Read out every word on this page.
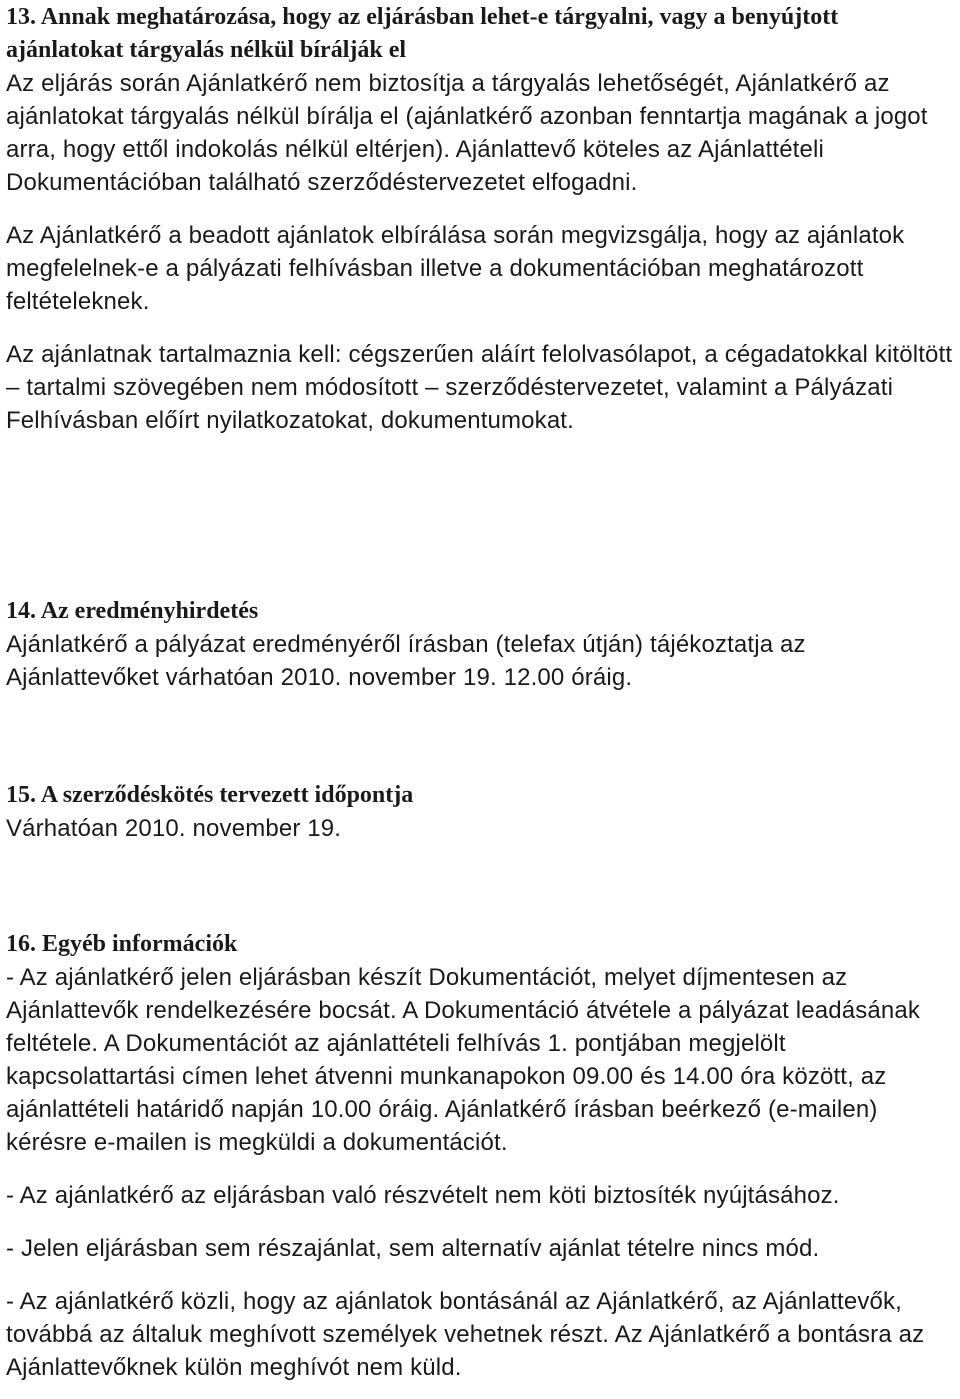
13. Annak meghatározása, hogy az eljárásban lehet-e tárgyalni, vagy a benyújtott ajánlatokat tárgyalás nélkül bírálják el

Az eljárás során Ajánlatkérő nem biztosítja a tárgyalás lehetőségét, Ajánlatkérő az ajánlatokat tárgyalás nélkül bírálja el (ajánlatkérő azonban fenntartja magának a jogot arra, hogy ettől indokolás nélkül eltérjen). Ajánlattevő köteles az Ajánlattételi Dokumentációban található szerződéstervezetet elfogadni.

Az Ajánlatkérő a beadott ajánlatok elbírálása során megvizsgálja, hogy az ajánlatok megfelelnek-e a pályázati felhívásban illetve a dokumentációban meghatározott feltételeknek.

Az ajánlatnak tartalmaznia kell: cégszerűen aláírt felolvasólapot, a cégadatokkal kitöltött – tartalmi szövegében nem módosított – szerződéstervezetet, valamint a Pályázati Felhívásban előírt nyilatkozatokat, dokumentumokat.

14. Az eredményhirdetés

Ajánlatkérő a pályázat eredményéről írásban (telefax útján) tájékoztatja az Ajánlattevőket várhatóan 2010. november 19. 12.00 óráig.

15. A szerződéskötés tervezett időpontja

Várhatóan 2010. november 19.

16. Egyéb információk

- Az ajánlatkérő jelen eljárásban készít Dokumentációt, melyet díjmentesen az Ajánlattevők rendelkezésére bocsát. A Dokumentáció átvétele a pályázat leadásának feltétele. A Dokumentációt az ajánlattételi felhívás 1. pontjában megjelölt kapcsolattartási címen lehet átvenni munkanapokon 09.00 és 14.00 óra között, az ajánlattételi határidő napján 10.00 óráig. Ajánlatkérő írásban beérkező (e-mailen) kérésre e-mailen is megküldi a dokumentációt.

- Az ajánlatkérő az eljárásban való részvételt nem köti biztosíték nyújtásához.

- Jelen eljárásban sem részajánlat, sem alternatív ajánlat tételre nincs mód.

- Az ajánlatkérő közli, hogy az ajánlatok bontásánál az Ajánlatkérő, az Ajánlattevők, továbbá az általuk meghívott személyek vehetnek részt. Az Ajánlatkérő a bontásra az Ajánlattevőknek külön meghívót nem küld.
